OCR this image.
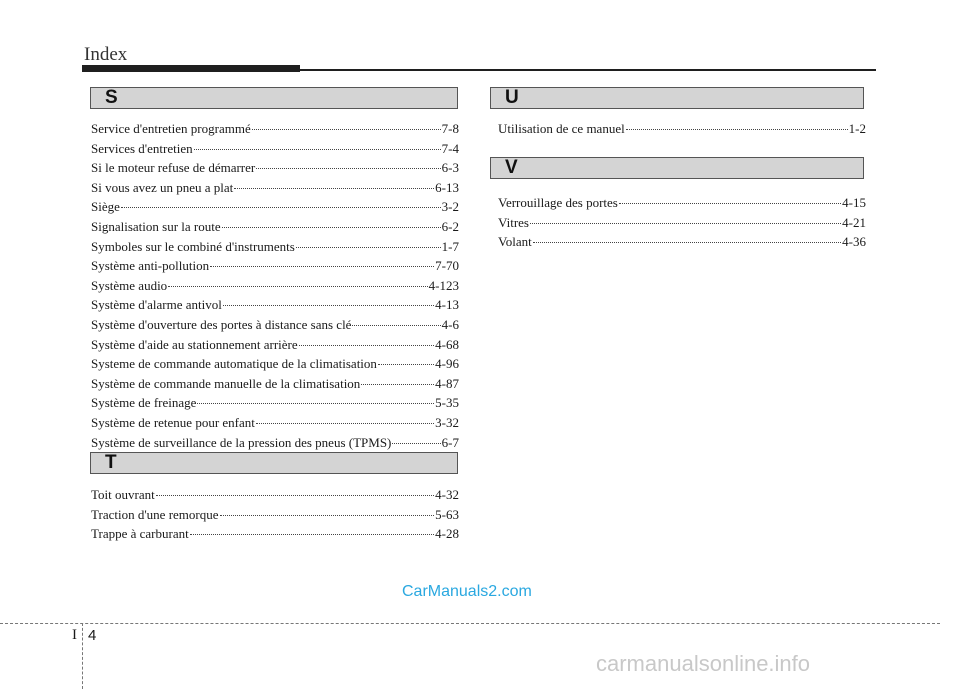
Index
S
Service d'entretien programmé	7-8
Services d'entretien	7-4
Si le moteur refuse de démarrer	6-3
Si vous avez un pneu a plat	6-13
Siège	3-2
Signalisation sur la route	6-2
Symboles sur le combiné d'instruments	1-7
Système anti-pollution	7-70
Système audio	4-123
Système d'alarme antivol	4-13
Système d'ouverture des portes à distance sans clé	4-6
Système d'aide au stationnement arrière	4-68
Systeme de commande automatique de la climatisation	4-96
Système de commande manuelle de la climatisation	4-87
Système de freinage	5-35
Système de retenue pour enfant	3-32
Système de surveillance de la pression des pneus (TPMS)	6-7
T
Toit ouvrant	4-32
Traction d'une remorque	5-63
Trappe à carburant	4-28
U
Utilisation de ce manuel	1-2
V
Verrouillage des portes	4-15
Vitres	4-21
Volant	4-36
CarManuals2.com
I 4
carmanualsonline.info
